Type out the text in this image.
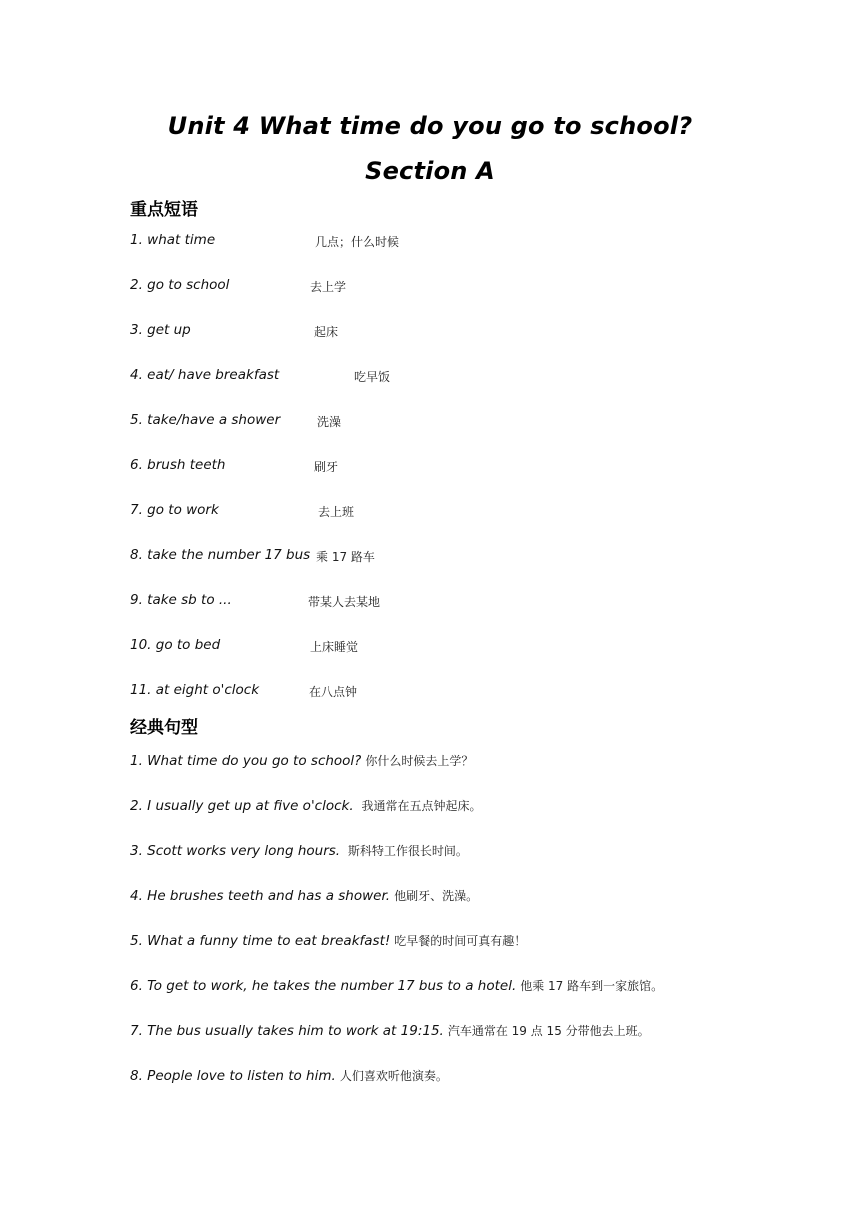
Unit 4 What time do you go to school?
Section A
重点短语
1. what time	几点；什么时候
2. go to school	去上学
3. get up	起床
4. eat/ have breakfast	吃早饭
5. take/have a shower	洗澡
6. brush teeth	刷牙
7. go to work	去上班
8. take the number 17 bus 乘 17 路车
9. take sb to ...	带某人去某地
10. go to bed	上床睡觉
11. at eight o'clock	在八点钟
经典句型
1. What time do you go to school? 你什么时候去上学？
2. I usually get up at five o'clock. 我通常在五点钟起床。
3. Scott works very long hours. 斯科特工作很长时间。
4. He brushes teeth and has a shower. 他刷牙、洗澡。
5. What a funny time to eat breakfast! 吃早餐的时间可真有趣！
6. To get to work, he takes the number 17 bus to a hotel. 他乘 17 路车到一家旅馆。
7. The bus usually takes him to work at 19:15. 汽车通常在 19 点 15 分带他去上班。
8. People love to listen to him. 人们喜欢听他演奏。
